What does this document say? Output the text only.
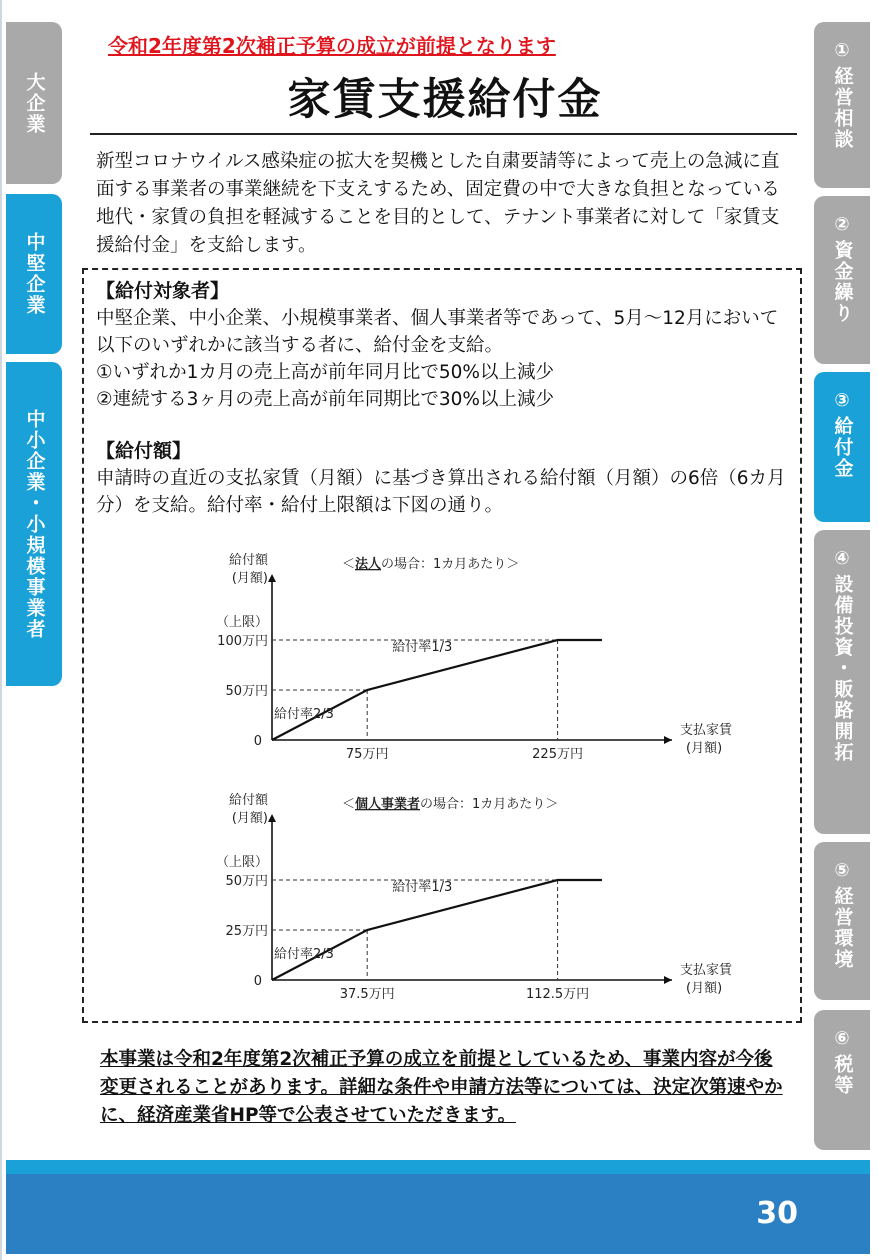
大企業
中堅企業
中小企業・小規模事業者
①
経営相談
②
資金繰り
③
給付金
④
設備投資・販路開拓
⑤
経営環境
⑥
税等
令和2年度第2次補正予算の成立が前提となります
家賃支援給付金

新型コロナウイルス感染症の拡大を契機とした自粛要請等によって売上の急減に直面する事業者の事業継続を下支えするため、固定費の中で大きな負担となっている地代・家賃の負担を軽減することを目的として、テナント事業者に対して「家賃支援給付金」を支給します。

【給付対象者】
中堅企業、中小企業、小規模事業者、個人事業者等であって、5月～12月において以下のいずれかに該当する者に、給付金を支給。
①いずれか1カ月の売上高が前年同月比で50%以上減少
②連続する3ヶ月の売上高が前年同期比で30%以上減少
【給付額】
申請時の直近の支払家賃（月額）に基づき算出される給付額（月額）の6倍（6カ月分）を支給。給付率・給付上限額は下図の通り。
給付額
(月額)
支払家賃
(月額)
＜法人の場合：1カ月あたり＞
（上限）
100万円
50万円
0
75万円	225万円
給付率2/3
給付率1/3
給付額
(月額)
支払家賃
(月額)
＜個人事業者の場合：1カ月あたり＞
（上限）
50万円
25万円
0
37.5万円	112.5万円
給付率2/3
給付率1/3

本事業は令和2年度第2次補正予算の成立を前提としているため、事業内容が今後変更されることがあります。詳細な条件や申請方法等については、決定次第速やかに、経済産業省HP等で公表させていただきます。

30
